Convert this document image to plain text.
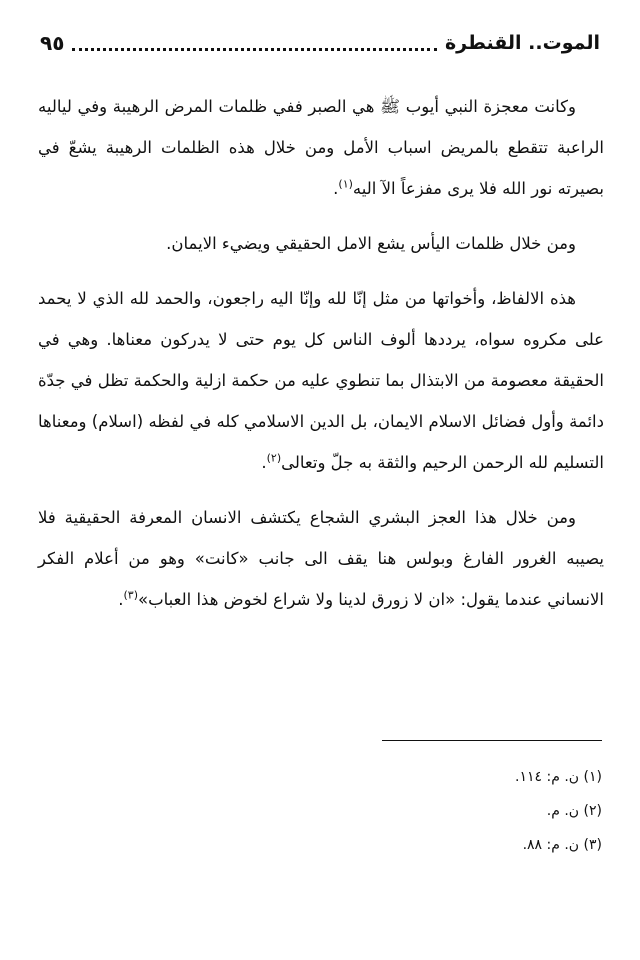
الموت.. القنطرة
٩٥

وكانت معجزة النبي أيوب ﷺ هي الصبر ففي ظلمات المرض الرهيبة وفي لياليه الراعبة تتقطع بالمريض اسباب الأمل ومن خلال هذه الظلمات الرهيبة يشعّ في بصيرته نور الله فلا يرى مفزعاً الآ اليه$^{(١)}$.

ومن خلال ظلمات اليأس يشع الامل الحقيقي ويضيء الايمان.

هذه الالفاظ، وأخواتها من مثل إنّا لله وإنّا اليه راجعون، والحمد لله الذي لا يحمد على مكروه سواه، يرددها ألوف الناس كل يوم حتى لا يدركون معناها. وهي في الحقيقة معصومة من الابتذال بما تنطوي عليه من حكمة ازلية والحكمة تظل في جدّة دائمة وأول فضائل الاسلام الايمان، بل الدين الاسلامي كله في لفظه (اسلام) ومعناها التسليم لله الرحمن الرحيم والثقة به جلّ وتعالى$^{(٢)}$.

ومن خلال هذا العجز البشري الشجاع يكتشف الانسان المعرفة الحقيقية فلا يصيبه الغرور الفارغ وبولس هنا يقف الى جانب «كانت» وهو من أعلام الفكر الانساني عندما يقول: «ان لا زورق لدينا ولا شراع لخوض هذا العباب»$^{(٣)}$.

(١) ن. م: ١١٤.
(٢) ن. م.
(٣) ن. م: ٨٨.
